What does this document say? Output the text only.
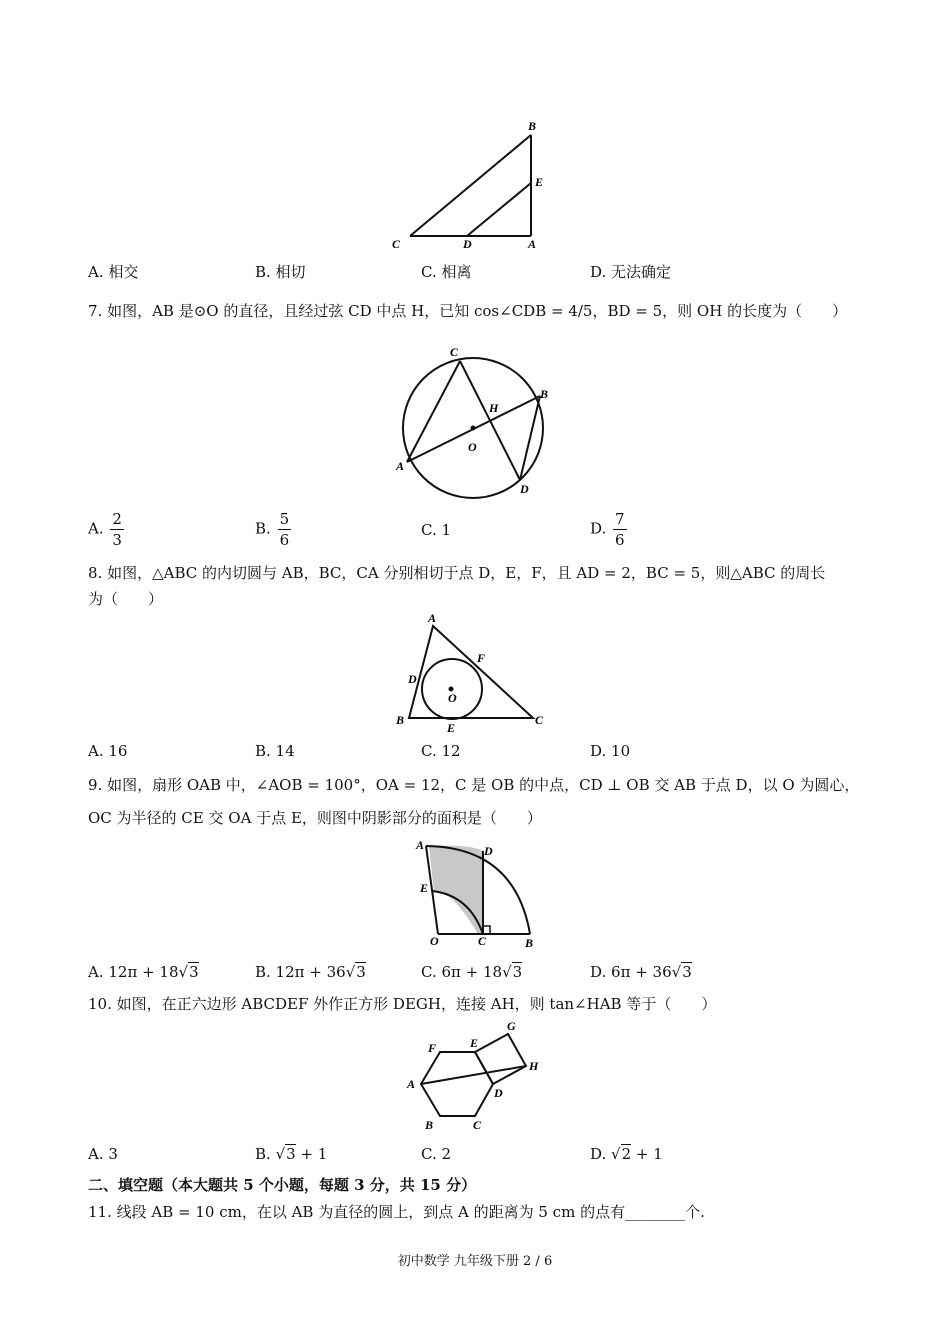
B
E
C	D	A
A. 相交	B. 相切	C. 相离	D. 无法确定
7. 如图，AB 是⊙O 的直径，且经过弦 CD 中点 H，已知 cos∠CDB = 4/5，BD = 5，则 OH 的长度为（　　）
C
B
H
O
A
D
A. $\frac{2}{3}$	B. $\frac{5}{6}$	C. 1	D. $\frac{7}{6}$
8. 如图，△ABC 的内切圆与 AB，BC，CA 分别相切于点 D，E，F，且 AD = 2，BC = 5，则△ABC 的周长
为（　　）
A
F
D
O
B
E
C
A. 16	B. 14	C. 12	D. 10
9. 如图，扇形 OAB 中，∠AOB = 100°，OA = 12，C 是 OB 的中点，CD ⊥ OB 交 AB 于点 D，以 O 为圆心，
OC 为半径的 CE 交 OA 于点 E，则图中阴影部分的面积是（　　）
A	D
E
O	C	B
A. 12π + 18√3	B. 12π + 36√3	C. 6π + 18√3	D. 6π + 36√3
10. 如图，在正六边形 ABCDEF 外作正方形 DEGH，连接 AH，则 tan∠HAB 等于（　　）
G
F	E
H
A
D
B	C
A. 3	B. √3 + 1	C. 2	D. √2 + 1
二、填空题（本大题共 5 个小题，每题 3 分，共 15 分）
11. 线段 AB = 10 cm，在以 AB 为直径的圆上，到点 A 的距离为 5 cm 的点有________个.
初中数学 九年级下册 2 / 6
